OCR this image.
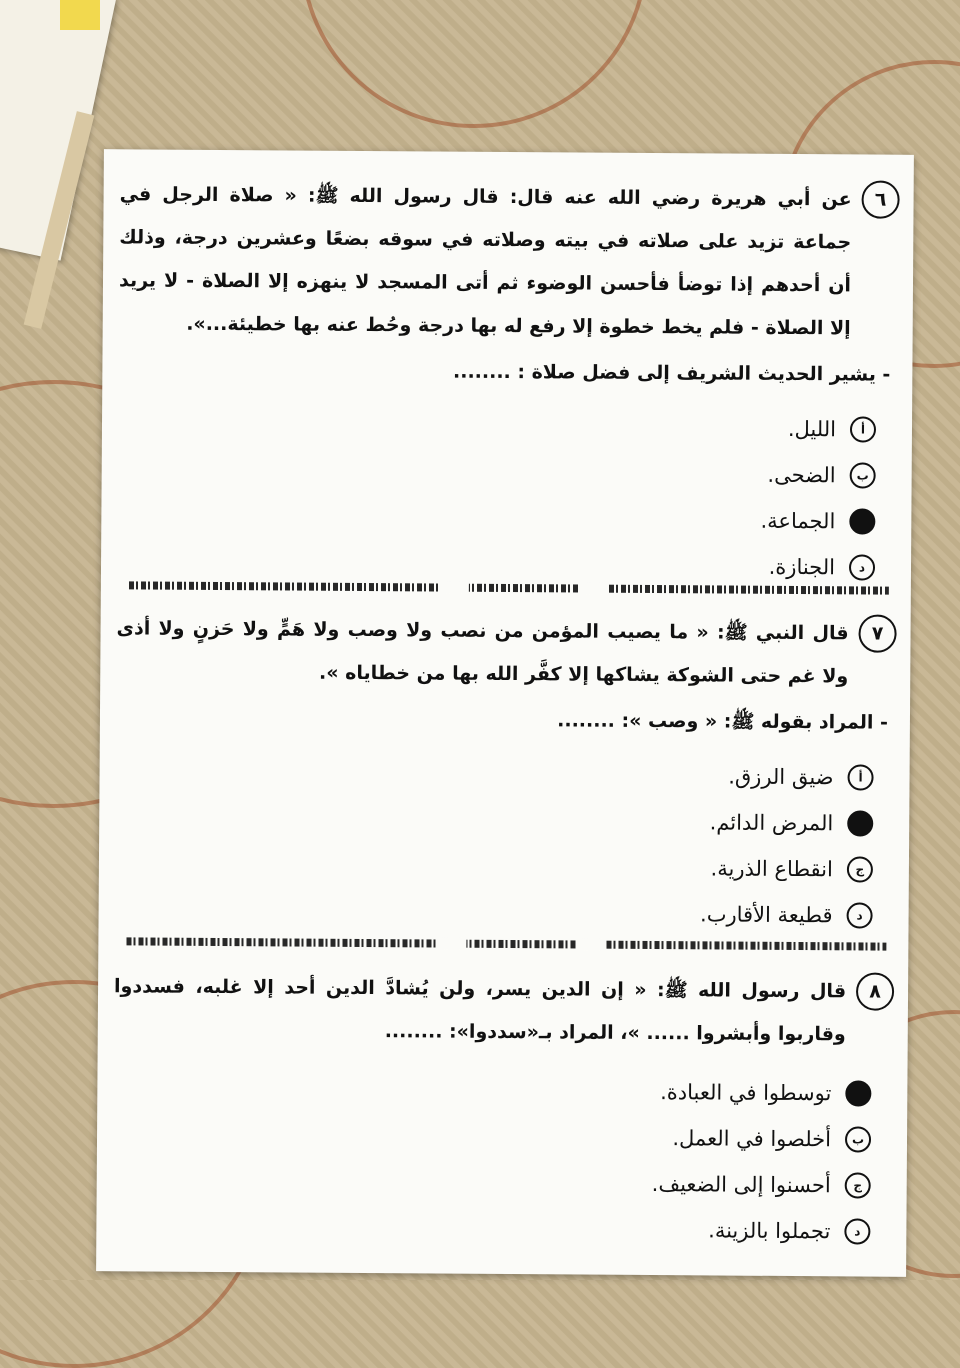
٦
عن أبي هريرة رضي الله عنه قال: قال رسول الله ﷺ: « صلاة الرجل في جماعة تزيد على صلاته في بيته وصلاته في سوقه بضعًا وعشرين درجة، وذلك أن أحدهم إذا توضأ فأحسن الوضوء ثم أتى المسجد لا ينهزه إلا الصلاة - لا يريد إلا الصلاة - فلم يخط خطوة إلا رفع له بها درجة وحُط عنه بها خطيئة...».
- يشير الحديث الشريف إلى فضل صلاة : ........
أ
الليل.
ب
الضحى.
الجماعة.
د
الجنازة.
٧
قال النبي ﷺ: « ما يصيب المؤمن من نصب ولا وصب ولا هَمٍّ ولا حَزنٍ ولا أذى ولا غم حتى الشوكة يشاكها إلا كفَّر الله بها من خطاياه ».
- المراد بقوله ﷺ: « وصب »: ........
أ
ضيق الرزق.
المرض الدائم.
ج
انقطاع الذرية.
د
قطيعة الأقارب.
٨
قال رسول الله ﷺ: « إن الدين يسر، ولن يُشادَّ الدين أحد إلا غلبه، فسددوا وقاربوا وأبشروا ...... »، المراد بـ«سددوا»: ........
توسطوا في العبادة.
ب
أخلصوا في العمل.
ج
أحسنوا إلى الضعيف.
د
تجملوا بالزينة.
